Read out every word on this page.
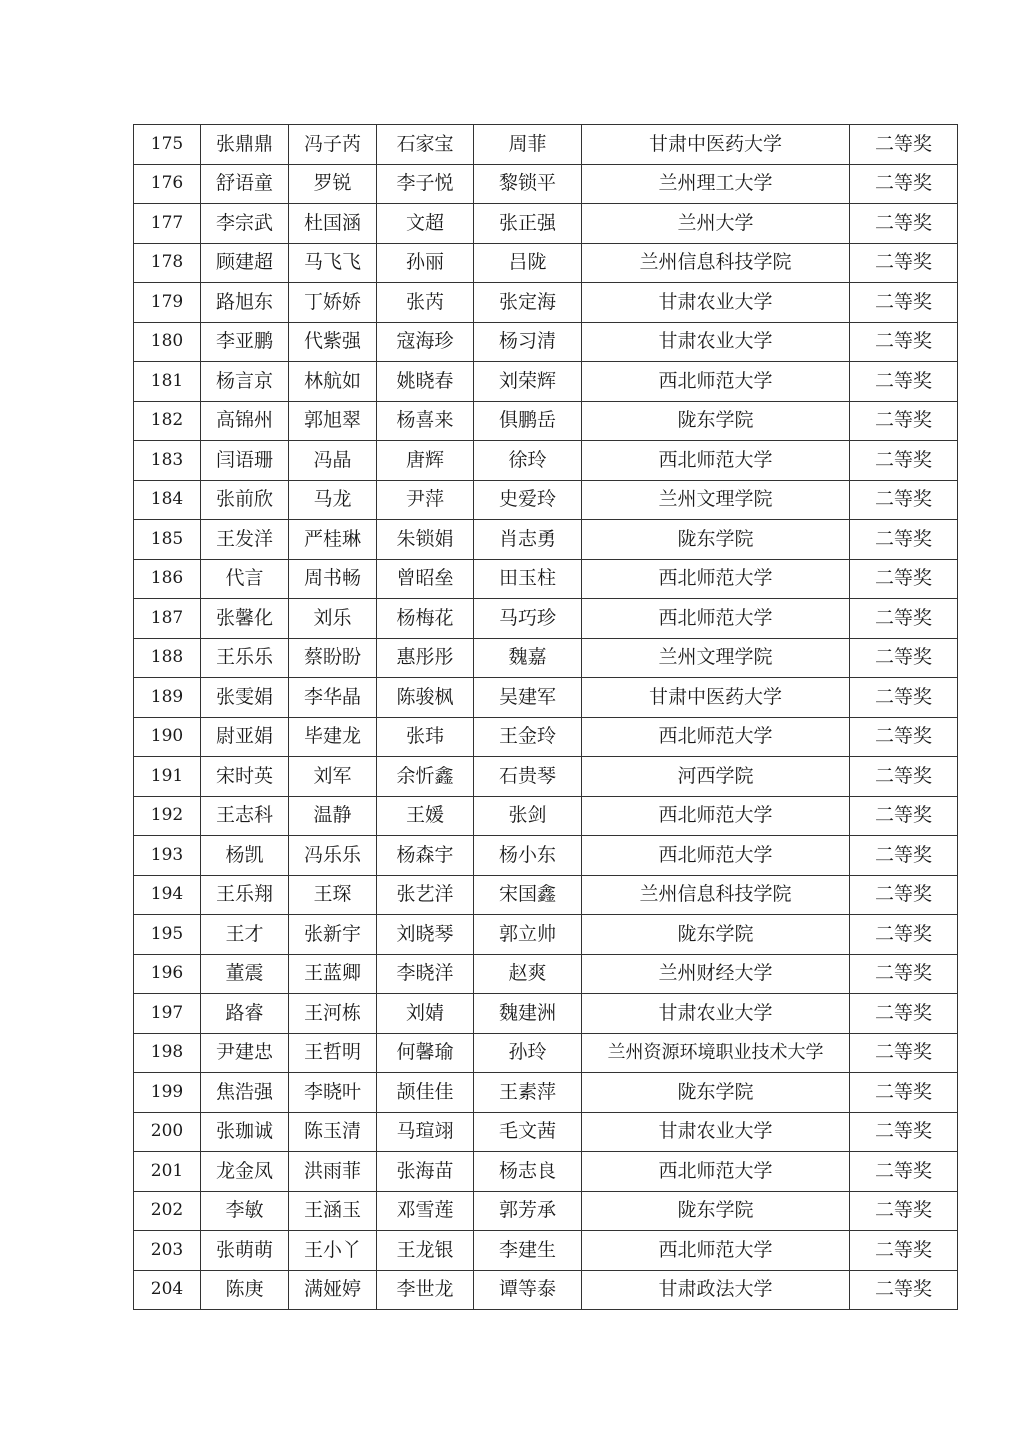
175	张鼎鼎	冯子芮	石家宝	周菲	甘肃中医药大学	二等奖
176	舒语童	罗锐	李子悦	黎锁平	兰州理工大学	二等奖
177	李宗武	杜国涵	文超	张正强	兰州大学	二等奖
178	顾建超	马飞飞	孙丽	吕陇	兰州信息科技学院	二等奖
179	路旭东	丁娇娇	张芮	张定海	甘肃农业大学	二等奖
180	李亚鹏	代紫强	寇海珍	杨习清	甘肃农业大学	二等奖
181	杨言京	林航如	姚晓春	刘荣辉	西北师范大学	二等奖
182	高锦州	郭旭翠	杨喜来	俱鹏岳	陇东学院	二等奖
183	闫语珊	冯晶	唐辉	徐玲	西北师范大学	二等奖
184	张前欣	马龙	尹萍	史爱玲	兰州文理学院	二等奖
185	王发洋	严桂琳	朱锁娟	肖志勇	陇东学院	二等奖
186	代言	周书畅	曾昭垒	田玉柱	西北师范大学	二等奖
187	张馨化	刘乐	杨梅花	马巧珍	西北师范大学	二等奖
188	王乐乐	蔡盼盼	惠彤彤	魏嘉	兰州文理学院	二等奖
189	张雯娟	李华晶	陈骏枫	吴建军	甘肃中医药大学	二等奖
190	尉亚娟	毕建龙	张玮	王金玲	西北师范大学	二等奖
191	宋时英	刘军	余忻鑫	石贵琴	河西学院	二等奖
192	王志科	温静	王媛	张剑	西北师范大学	二等奖
193	杨凯	冯乐乐	杨森宇	杨小东	西北师范大学	二等奖
194	王乐翔	王琛	张艺洋	宋国鑫	兰州信息科技学院	二等奖
195	王才	张新宇	刘晓琴	郭立帅	陇东学院	二等奖
196	董震	王蓝卿	李晓洋	赵爽	兰州财经大学	二等奖
197	路睿	王河栋	刘婧	魏建洲	甘肃农业大学	二等奖
198	尹建忠	王哲明	何馨瑜	孙玲	兰州资源环境职业技术大学	二等奖
199	焦浩强	李晓叶	颉佳佳	王素萍	陇东学院	二等奖
200	张珈诚	陈玉清	马瑄翊	毛文茜	甘肃农业大学	二等奖
201	龙金凤	洪雨菲	张海苗	杨志良	西北师范大学	二等奖
202	李敏	王涵玉	邓雪莲	郭芳承	陇东学院	二等奖
203	张萌萌	王小丫	王龙银	李建生	西北师范大学	二等奖
204	陈庚	满娅婷	李世龙	谭等泰	甘肃政法大学	二等奖
